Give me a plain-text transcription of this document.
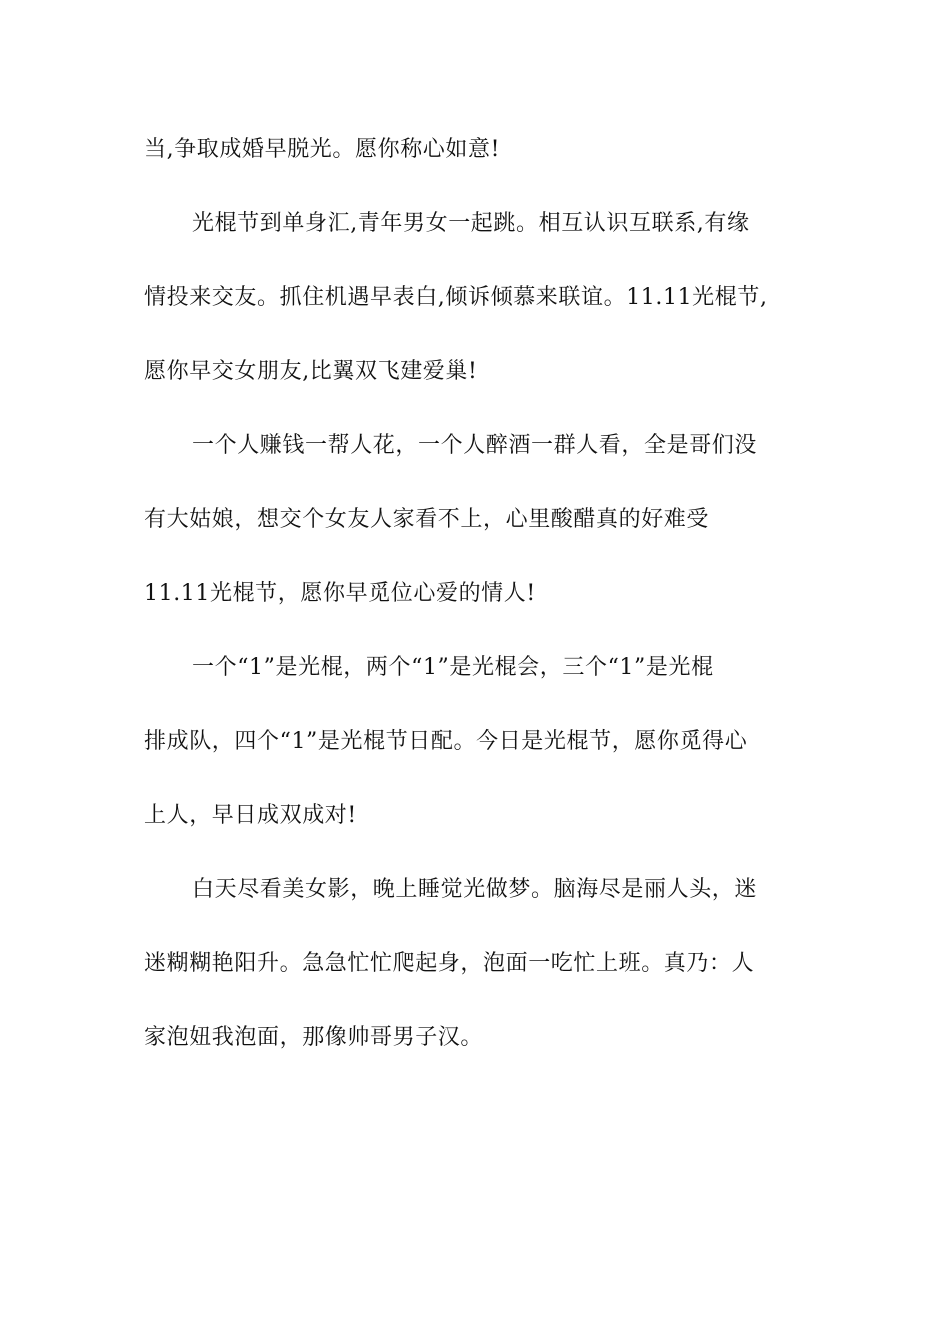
当,争取成婚早脱光。愿你称心如意!
光棍节到单身汇,青年男女一起跳。相互认识互联系,有缘
情投来交友。抓住机遇早表白,倾诉倾慕来联谊。11.11光棍节,
愿你早交女朋友,比翼双飞建爱巢!
一个人赚钱一帮人花，一个人醉酒一群人看，全是哥们没
有大姑娘，想交个女友人家看不上，心里酸醋真的好难受
11.11光棍节，愿你早觅位心爱的情人!
一个“1”是光棍，两个“1”是光棍会，三个“1”是光棍
排成队，四个“1”是光棍节日配。今日是光棍节，愿你觅得心
上人，早日成双成对!
白天尽看美女影，晚上睡觉光做梦。脑海尽是丽人头，迷
迷糊糊艳阳升。急急忙忙爬起身，泡面一吃忙上班。真乃：人
家泡妞我泡面，那像帅哥男子汉。
